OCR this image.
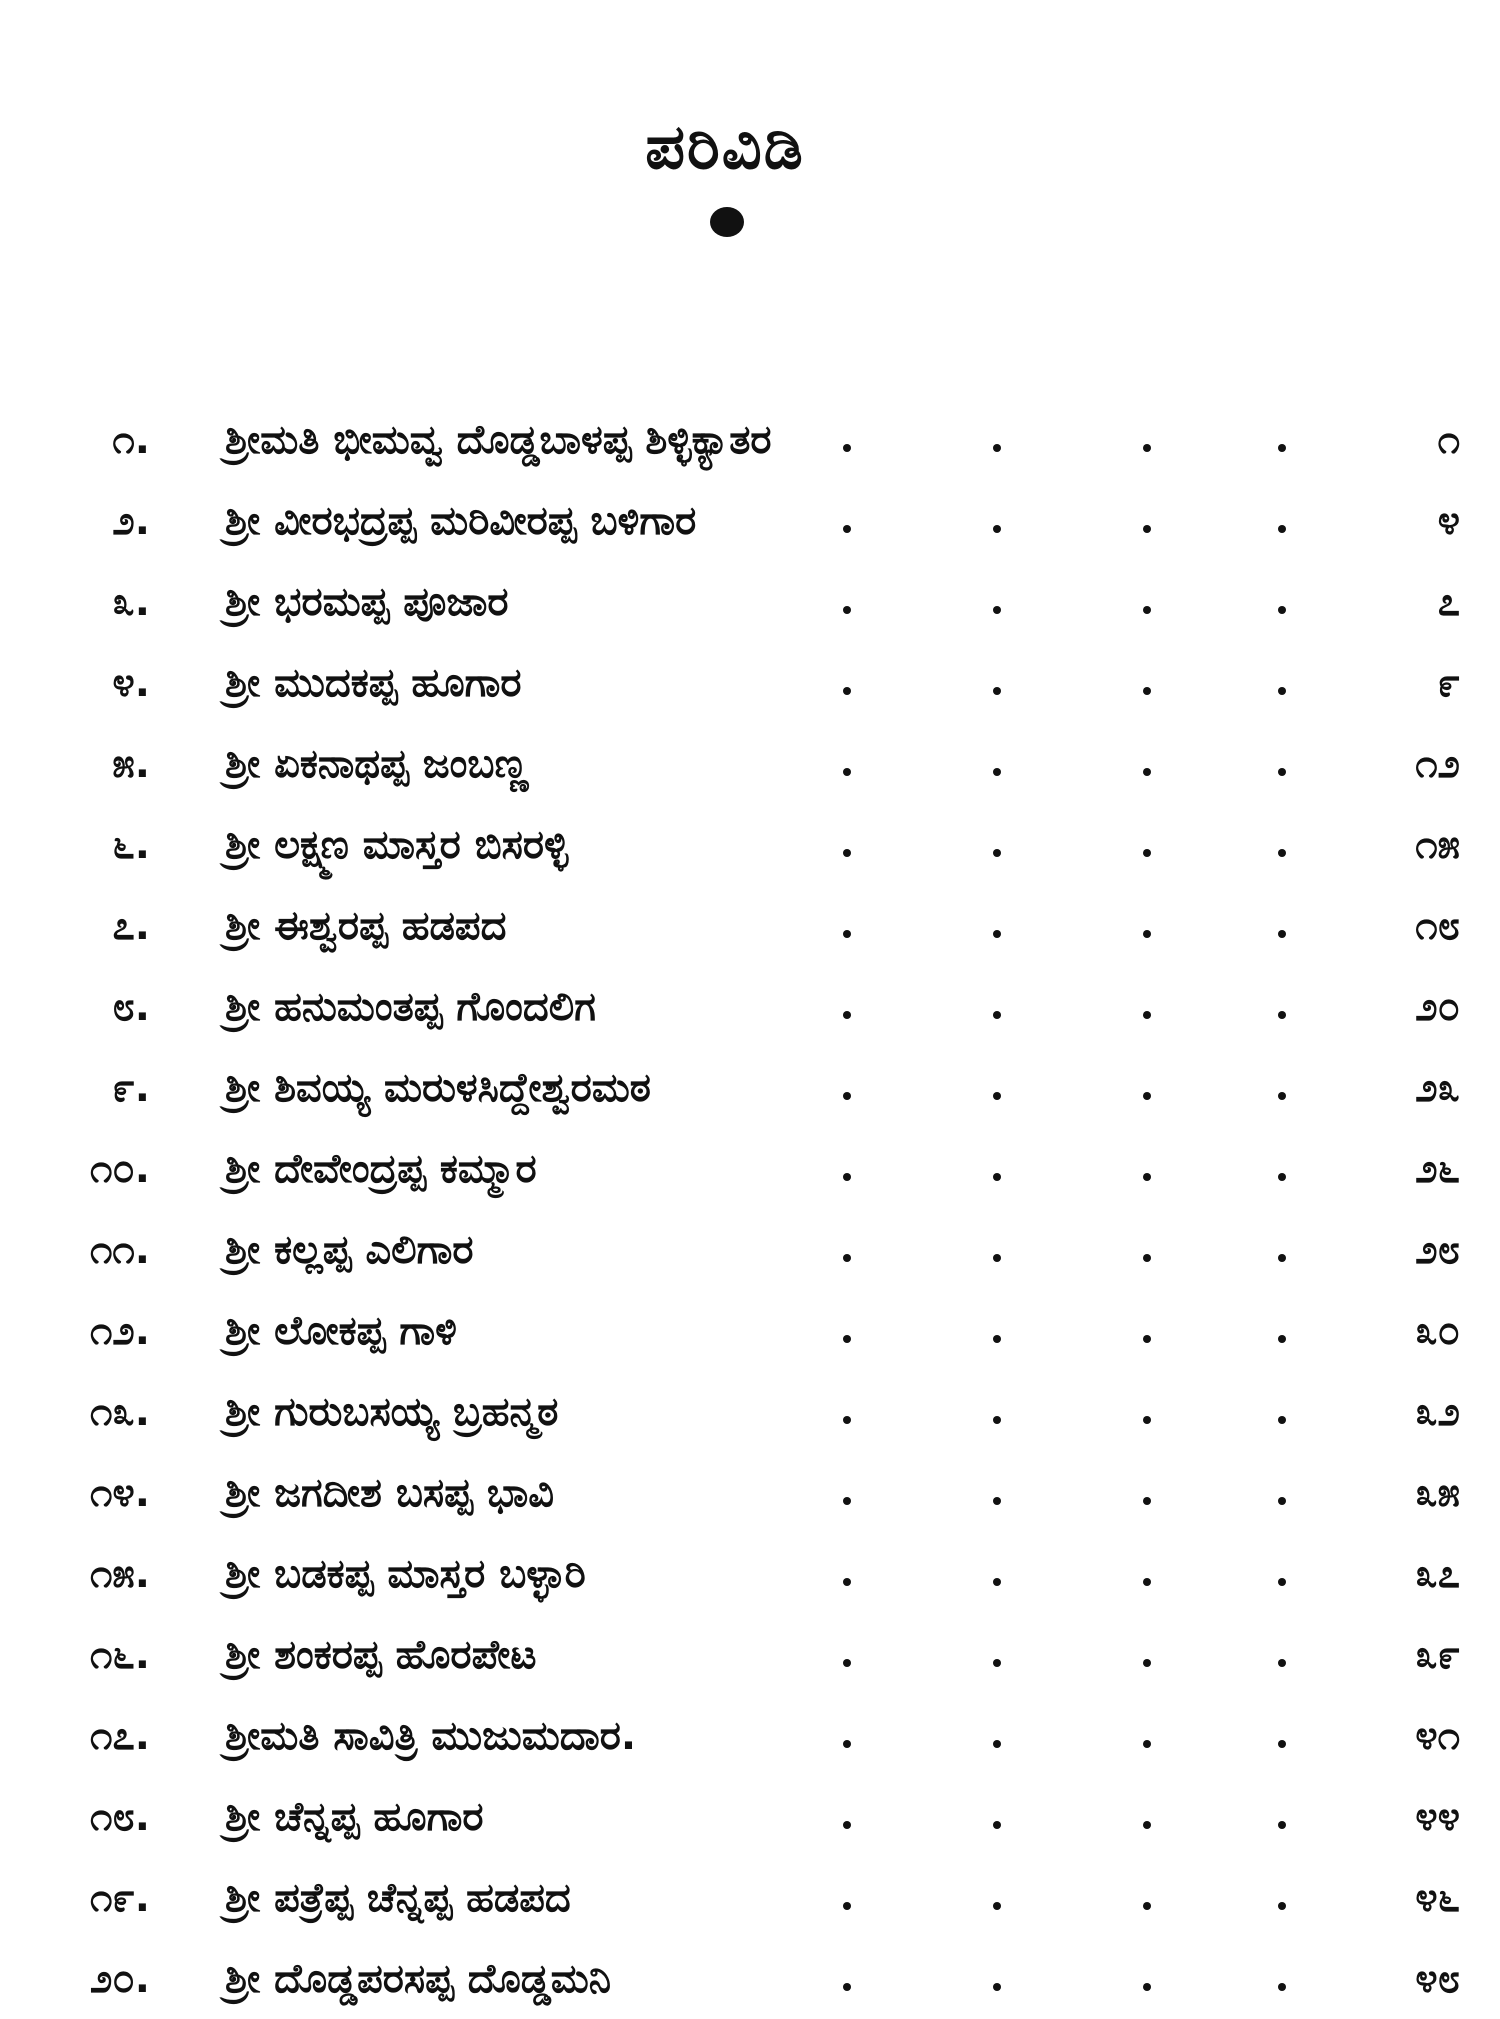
ಪರಿವಿಡಿ
೧. ಶ್ರೀಮತಿ ಭೀಮವ್ವ ದೊಡ್ಡಬಾಳಪ್ಪ ಶಿಳ್ಳಿಕ್ಯಾತರ	೧
೨. ಶ್ರೀ ವೀರಭದ್ರಪ್ಪ ಮರಿವೀರಪ್ಪ ಬಳಿಗಾರ	೪
೩. ಶ್ರೀ ಭರಮಪ್ಪ ಪೂಜಾರ	೭
೪. ಶ್ರೀ ಮುದಕಪ್ಪ ಹೂಗಾರ	೯
೫. ಶ್ರೀ ಏಕನಾಥಪ್ಪ ಜಂಬಣ್ಣ	೧೨
೬. ಶ್ರೀ ಲಕ್ಷ್ಮಣ ಮಾಸ್ತರ ಬಿಸರಳ್ಳಿ	೧೫
೭. ಶ್ರೀ ಈಶ್ವರಪ್ಪ ಹಡಪದ	೧೮
೮. ಶ್ರೀ ಹನುಮಂತಪ್ಪ ಗೊಂದಲಿಗ	೨೦
೯. ಶ್ರೀ ಶಿವಯ್ಯ ಮರುಳಸಿದ್ದೇಶ್ವರಮಠ	೨೩
೧೦. ಶ್ರೀ ದೇವೇಂದ್ರಪ್ಪ ಕಮ್ಮಾರ	೨೬
೧೧. ಶ್ರೀ ಕಲ್ಲಪ್ಪ ಎಲಿಗಾರ	೨೮
೧೨. ಶ್ರೀ ಲೋಕಪ್ಪ ಗಾಳಿ	೩೦
೧೩. ಶ್ರೀ ಗುರುಬಸಯ್ಯ ಬ್ರಹನ್ಮಠ	೩೨
೧೪. ಶ್ರೀ ಜಗದೀಶ ಬಸಪ್ಪ ಭಾವಿ	೩೫
೧೫. ಶ್ರೀ ಬಡಕಪ್ಪ ಮಾಸ್ತರ ಬಳ್ಳಾರಿ	೩೭
೧೬. ಶ್ರೀ ಶಂಕರಪ್ಪ ಹೊರಪೇಟ	೩೯
೧೭. ಶ್ರೀಮತಿ ಸಾವಿತ್ರಿ ಮುಜುಮದಾರ.	೪೧
೧೮. ಶ್ರೀ ಚೆನ್ನಪ್ಪ ಹೂಗಾರ	೪೪
೧೯. ಶ್ರೀ ಪತ್ರೆಪ್ಪ ಚೆನ್ನಪ್ಪ ಹಡಪದ	೪೬
೨೦. ಶ್ರೀ ದೊಡ್ಡಪರಸಪ್ಪ ದೊಡ್ಡಮನಿ	೪೮
